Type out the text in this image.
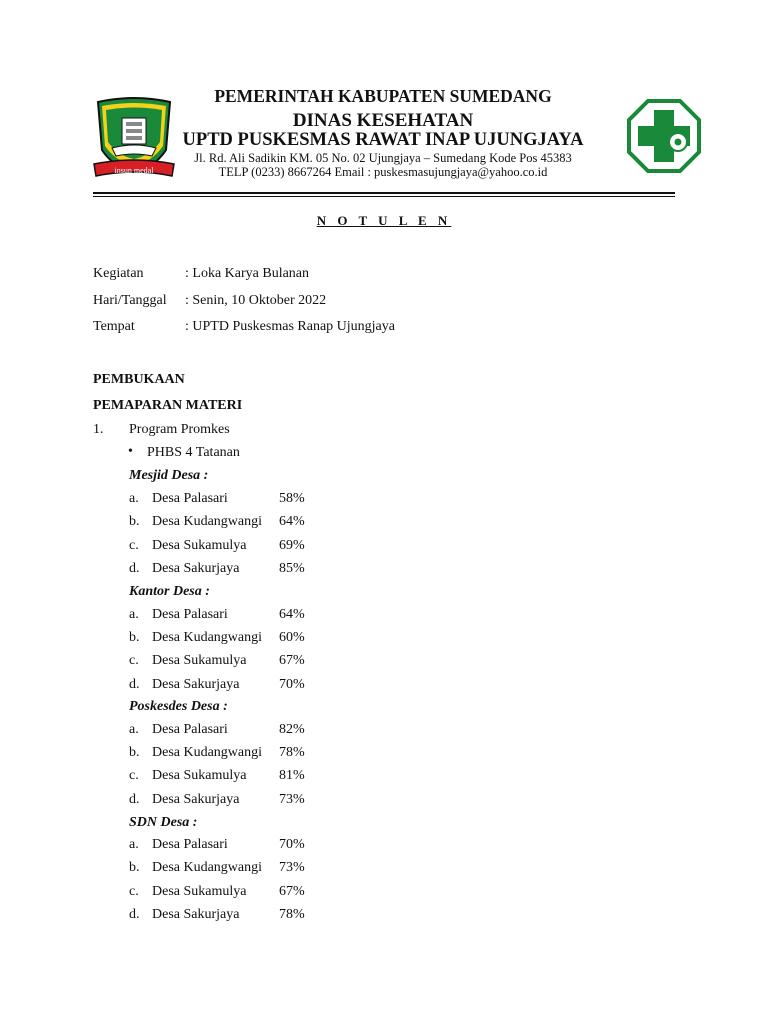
insun medal
PEMERINTAH KABUPATEN SUMEDANG
DINAS KESEHATAN
UPTD PUSKESMAS RAWAT INAP UJUNGJAYA
Jl. Rd. Ali Sadikin KM. 05 No. 02 Ujungjaya – Sumedang Kode Pos 45383
TELP (0233) 8667264 Email : puskesmasujungjaya@yahoo.co.id
N O T U L E N
Kegiatan	: Loka Karya Bulanan
Hari/Tanggal : Senin, 10 Oktober 2022
Tempat	: UPTD Puskesmas Ranap Ujungjaya
PEMBUKAAN
PEMAPARAN MATERI
1. Program Promkes
• PHBS 4 Tatanan
Mesjid Desa :
a. Desa Palasari	58%
b. Desa Kudangwangi 64%
c. Desa Sukamulya 69%
d. Desa Sakurjaya	85%
Kantor Desa :
a. Desa Palasari	64%
b. Desa Kudangwangi 60%
c. Desa Sukamulya 67%
d. Desa Sakurjaya	70%
Poskesdes Desa :
a. Desa Palasari	82%
b. Desa Kudangwangi 78%
c. Desa Sukamulya 81%
d. Desa Sakurjaya	73%
SDN Desa :
a. Desa Palasari	70%
b. Desa Kudangwangi 73%
c. Desa Sukamulya 67%
d. Desa Sakurjaya	78%
